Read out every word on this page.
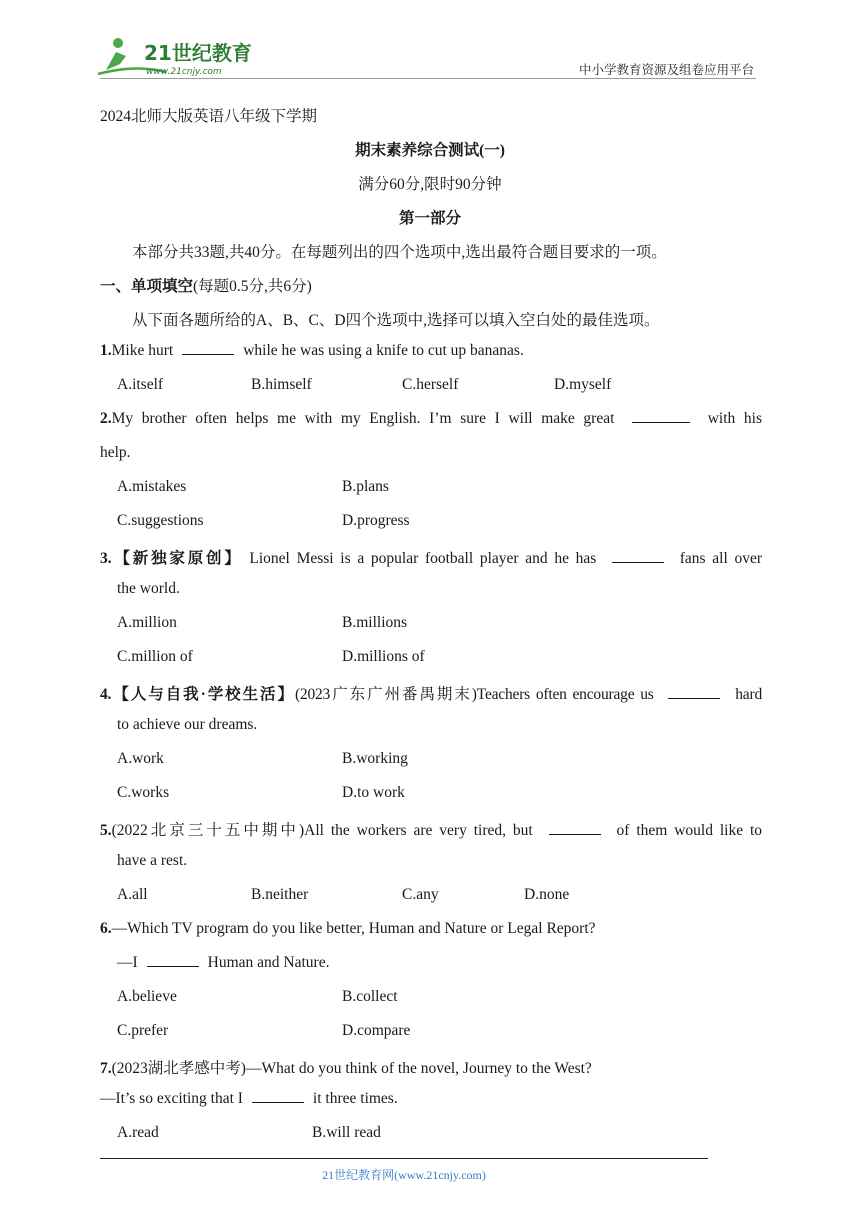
21世纪教育
www.21cnjy.com	中小学教育资源及组卷应用平台
2024北师大版英语八年级下学期
期末素养综合测试(一)
满分60分,限时90分钟
第一部分
本部分共33题,共40分。在每题列出的四个选项中,选出最符合题目要求的一项。
一、单项填空(每题0.5分,共6分)
从下面各题所给的A、B、C、D四个选项中,选择可以填入空白处的最佳选项。
1.Mike hurt	while he was using a knife to cut up bananas.
A.itself	B.himself	C.herself	D.myself
2.My brother often helps me with my English. I’m sure I will make great	with his
help.
A.mistakes	B.plans
C.suggestions	D.progress
3.【新独家原创】 Lionel Messi is a popular football player and he has	fans all over
the world.
A.million	B.millions
C.million of	D.millions of
4.【人与自我·学校生活】(2023广东广州番禺期末)Teachers often encourage us	hard
to achieve our dreams.
A.work	B.working
C.works	D.to work
5.(2022北京三十五中期中)All the workers are very tired, but	of them would like to
have a rest.
A.all	B.neither	C.any	D.none
6.—Which TV program do you like better, Human and Nature or Legal Report?
—I	Human and Nature.
A.believe	B.collect
C.prefer	D.compare
7.(2023湖北孝感中考)—What do you think of the novel, Journey to the West?
—It’s so exciting that I	it three times.
A.read	B.will read
21世纪教育网(www.21cnjy.com)
